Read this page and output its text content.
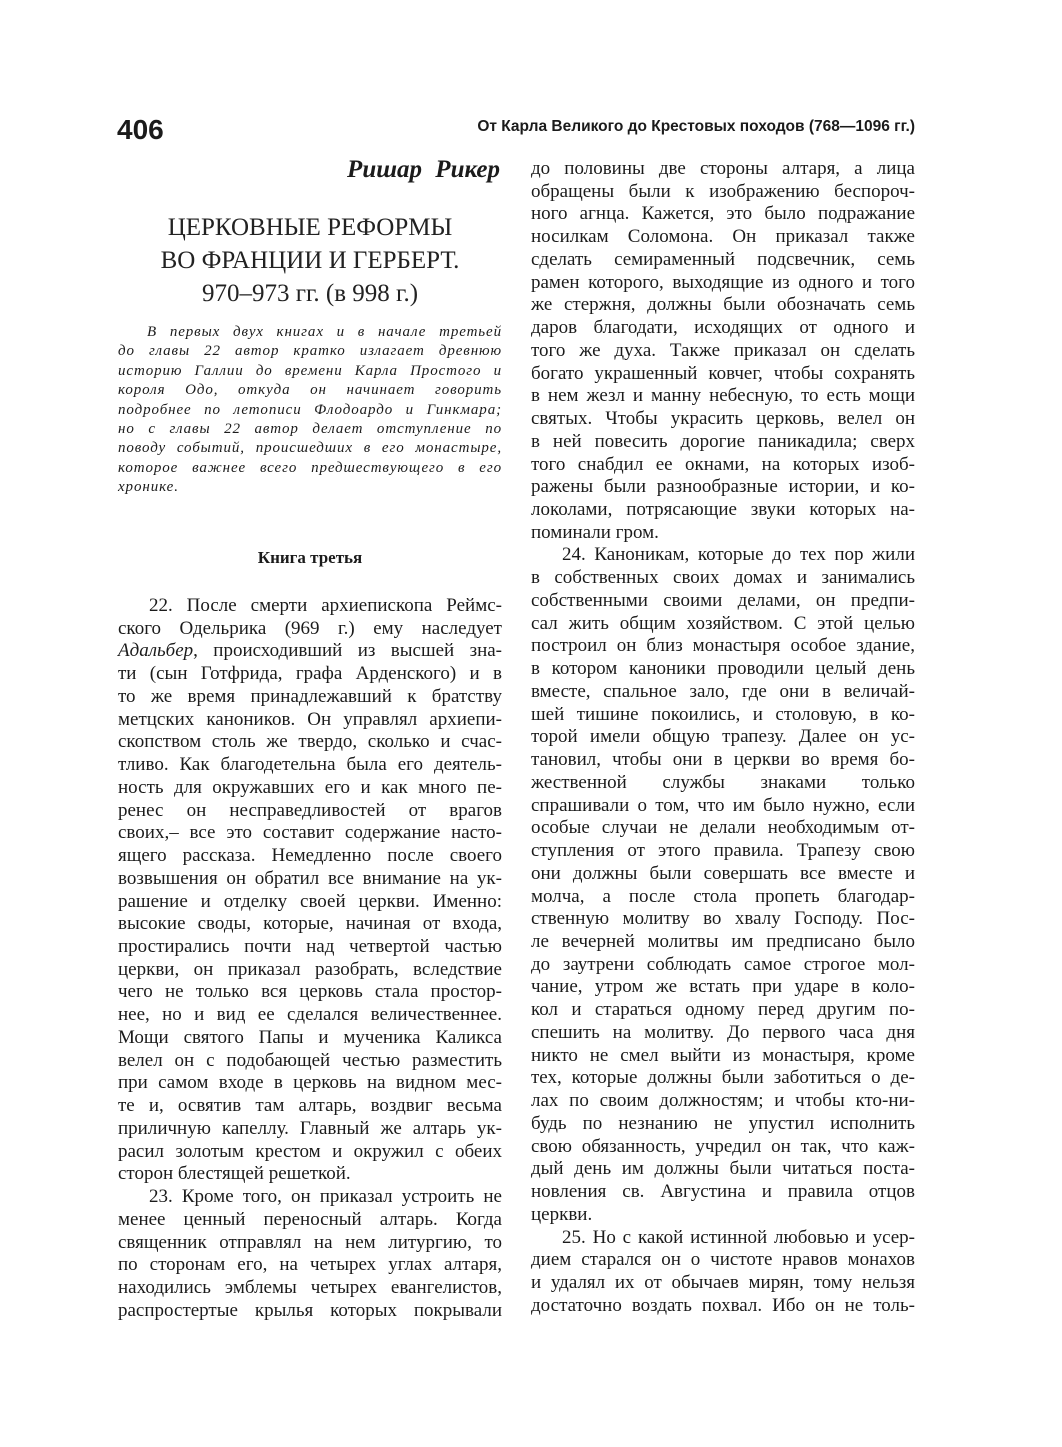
406	От Карла Великого до Крестовых походов (768—1096 гг.)
Ришар Рикер
ЦЕРКОВНЫЕ РЕФОРМЫ
ВО ФРАНЦИИ И ГЕРБЕРТ.
970–973 гг. (в 998 г.)
В первых двух книгах и в начале третьей
до главы 22 автор кратко излагает древнюю
историю Галлии до времени Карла Простого и
короля Одо, откуда он начинает говорить
подробнее по летописи Флодоардо и Гинкмара;
но с главы 22 автор делает отступление по
поводу событий, происшедших в его монастыре,
которое важнее всего предшествующего в его
хронике.
Книга третья
22. После смерти архиепископа Реймс-
ского Одельрика (969 г.) ему наследует
Адальбер, происходивший из высшей зна-
ти (сын Готфрида, графа Арденского) и в
то же время принадлежавший к братству
метцских каноников. Он управлял архиепи-
скопством столь же твердо, сколько и счас-
тливо. Как благодетельна была его деятель-
ность для окружавших его и как много пе-
ренес он несправедливостей от врагов
своих,– все это составит содержание насто-
ящего рассказа. Немедленно после своего
возвышения он обратил все внимание на ук-
рашение и отделку своей церкви. Именно:
высокие своды, которые, начиная от входа,
простирались почти над четвертой частью
церкви, он приказал разобрать, вследствие
чего не только вся церковь стала простор-
нее, но и вид ее сделался величественнее.
Мощи святого Папы и мученика Каликса
велел он с подобающей честью разместить
при самом входе в церковь на видном мес-
те и, освятив там алтарь, воздвиг весьма
приличную капеллу. Главный же алтарь ук-
расил золотым крестом и окружил с обеих
сторон блестящей решеткой.
23. Кроме того, он приказал устроить не
менее ценный переносный алтарь. Когда
священник отправлял на нем литургию, то
по сторонам его, на четырех углах алтаря,
находились эмблемы четырех евангелистов,
распростертые крылья которых покрывали
до половины две стороны алтаря, а лица
обращены были к изображению беспороч-
ного агнца. Кажется, это было подражание
носилкам Соломона. Он приказал также
сделать семираменный подсвечник, семь
рамен которого, выходящие из одного и того
же стержня, должны были обозначать семь
даров благодати, исходящих от одного и
того же духа. Также приказал он сделать
богато украшенный ковчег, чтобы сохранять
в нем жезл и манну небесную, то есть мощи
святых. Чтобы украсить церковь, велел он
в ней повесить дорогие паникадила; сверх
того снабдил ее окнами, на которых изоб-
ражены были разнообразные истории, и ко-
локолами, потрясающие звуки которых на-
поминали гром.
24. Каноникам, которые до тех пор жили
в собственных своих домах и занимались
собственными своими делами, он предпи-
сал жить общим хозяйством. С этой целью
построил он близ монастыря особое здание,
в котором каноники проводили целый день
вместе, спальное зало, где они в величай-
шей тишине покоились, и столовую, в ко-
торой имели общую трапезу. Далее он ус-
тановил, чтобы они в церкви во время бо-
жественной службы знаками только
спрашивали о том, что им было нужно, если
особые случаи не делали необходимым от-
ступления от этого правила. Трапезу свою
они должны были совершать все вместе и
молча, а после стола пропеть благодар-
ственную молитву во хвалу Господу. Пос-
ле вечерней молитвы им предписано было
до заутрени соблюдать самое строгое мол-
чание, утром же встать при ударе в коло-
кол и стараться одному перед другим по-
спешить на молитву. До первого часа дня
никто не смел выйти из монастыря, кроме
тех, которые должны были заботиться о де-
лах по своим должностям; и чтобы кто-ни-
будь по незнанию не упустил исполнить
свою обязанность, учредил он так, что каж-
дый день им должны были читаться поста-
новления св. Августина и правила отцов
церкви.
25. Но с какой истинной любовью и усер-
дием старался он о чистоте нравов монахов
и удалял их от обычаев мирян, тому нельзя
достаточно воздать похвал. Ибо он не толь-
